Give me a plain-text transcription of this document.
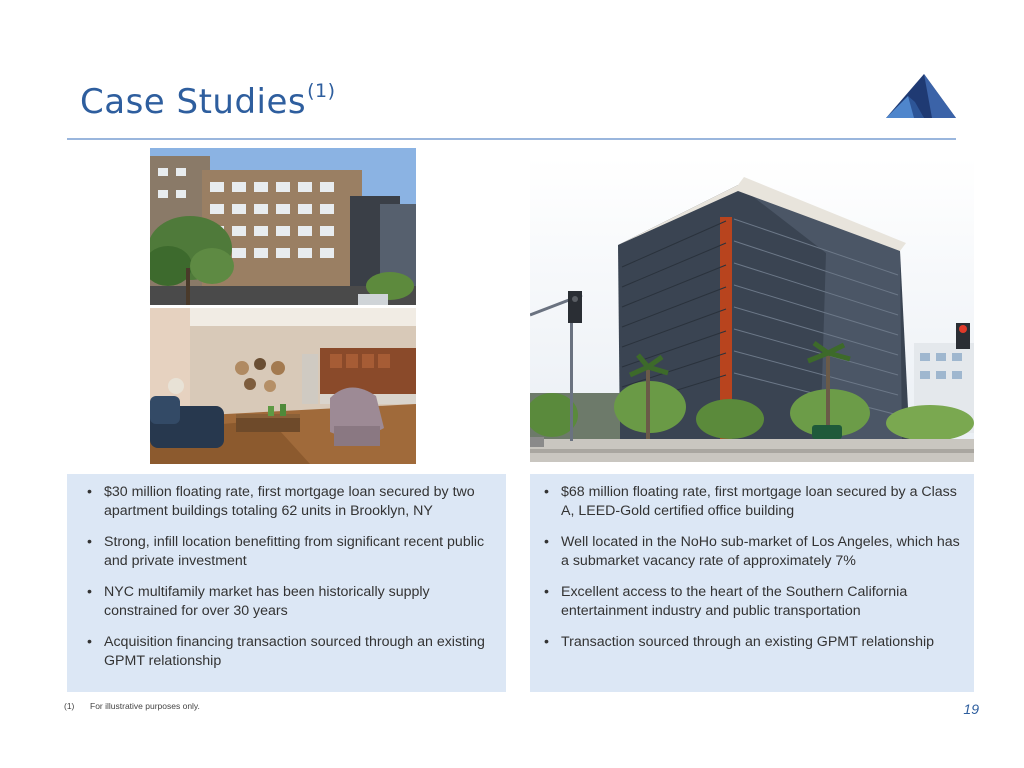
Case Studies$^{(1)}$
• $30 million floating rate, first mortgage loan secured by two apartment buildings totaling 62 units in Brooklyn, NY
• Strong, infill location benefitting from significant recent public and private investment
• NYC multifamily market has been historically supply constrained for over 30 years
• Acquisition financing transaction sourced through an existing GPMT relationship
• $68 million floating rate, first mortgage loan secured by a Class A, LEED-Gold certified office building
• Well located in the NoHo sub-market of Los Angeles, which has a submarket vacancy rate of approximately 7%
• Excellent access to the heart of the Southern California entertainment industry and public transportation
• Transaction sourced through an existing GPMT relationship
(1) For illustrative purposes only.	19
